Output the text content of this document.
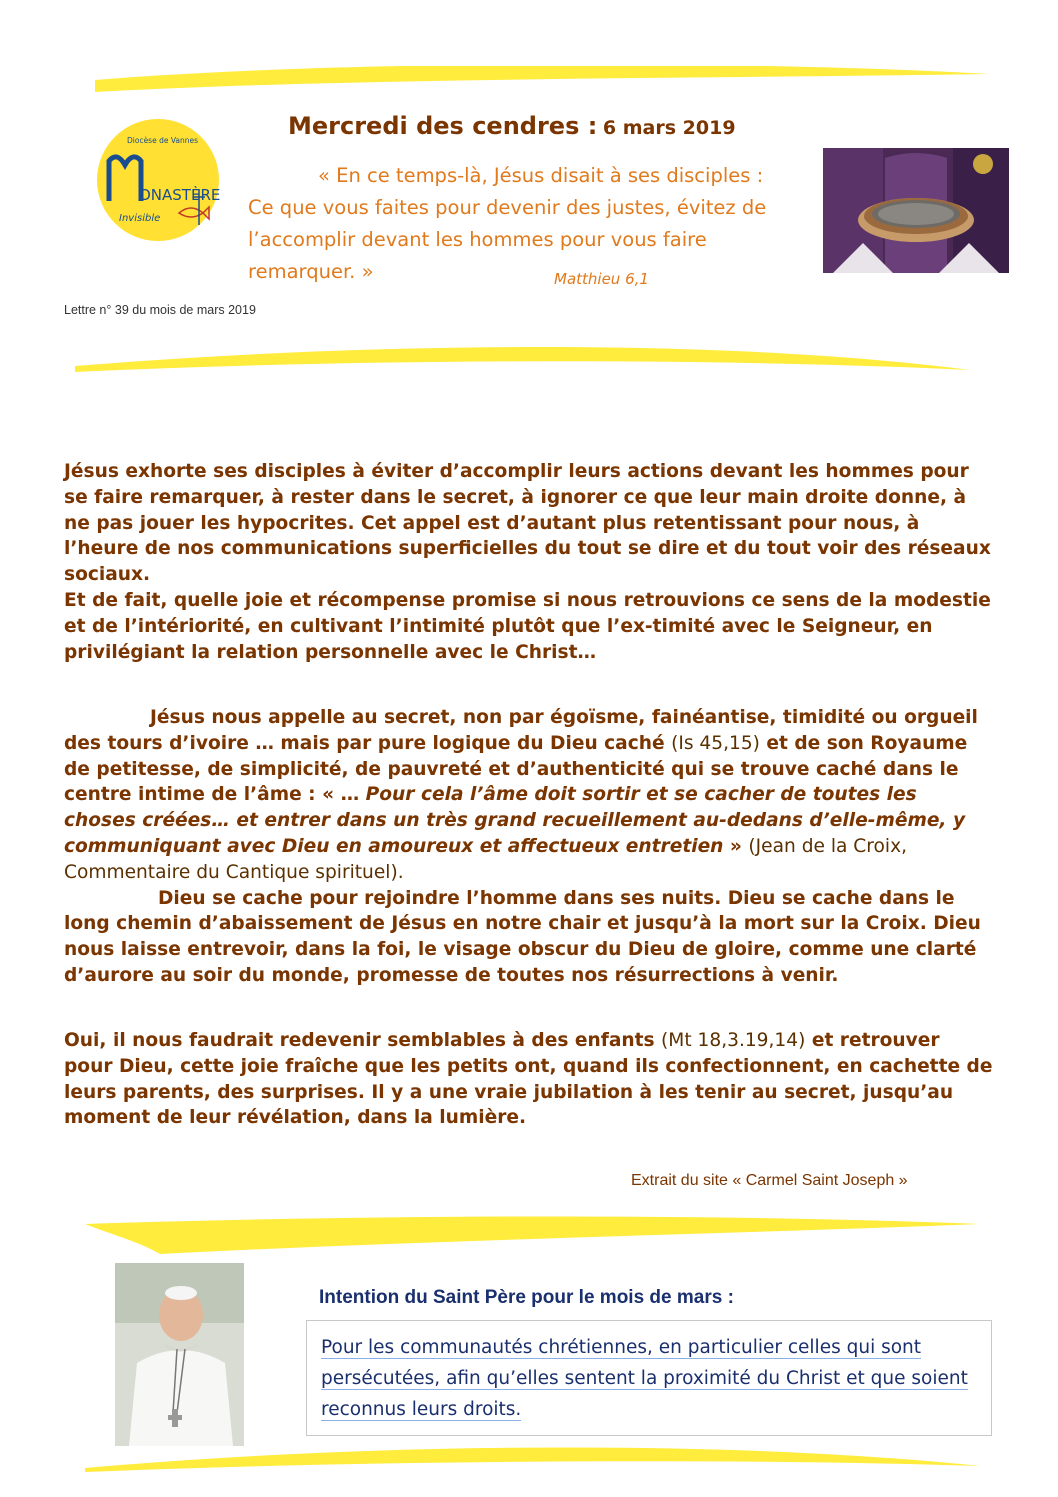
Diocèse de Vannes
ONASTÈRE
Invisible
Mercredi des cendres : 6 mars 2019
« En ce temps-là, Jésus disait à ses disciples :
Ce que vous faites pour devenir des justes, évitez de
l’accomplir devant les hommes pour vous faire
remarquer. »	Matthieu 6,1
Lettre n° 39 du mois de mars 2019

Jésus exhorte ses disciples à éviter d’accomplir leurs actions devant les hommes pour se faire remarquer, à rester dans le secret, à ignorer ce que leur main droite donne, à ne pas jouer les hypocrites. Cet appel est d’autant plus retentissant pour nous, à l’heure de nos communications superficielles du tout se dire et du tout voir des réseaux sociaux.

Et de fait, quelle joie et récompense promise si nous retrouvions ce sens de la modestie et de l’intériorité, en cultivant l’intimité plutôt que l’ex-timité avec le Seigneur, en privilégiant la relation personnelle avec le Christ…

Jésus nous appelle au secret, non par égoïsme, fainéantise, timidité ou orgueil des tours d’ivoire … mais par pure logique du Dieu caché (Is 45,15) et de son Royaume de petitesse, de simplicité, de pauvreté et d’authenticité qui se trouve caché dans le centre intime de l’âme : « … Pour cela l’âme doit sortir et se cacher de toutes les choses créées… et entrer dans un très grand recueillement au-dedans d’elle-même, y communiquant avec Dieu en amoureux et affectueux entretien » (Jean de la Croix, Commentaire du Cantique spirituel).

Dieu se cache pour rejoindre l’homme dans ses nuits. Dieu se cache dans le long chemin d’abaissement de Jésus en notre chair et jusqu’à la mort sur la Croix. Dieu nous laisse entrevoir, dans la foi, le visage obscur du Dieu de gloire, comme une clarté d’aurore au soir du monde, promesse de toutes nos résurrections à venir.

Oui, il nous faudrait redevenir semblables à des enfants (Mt 18,3.19,14) et retrouver pour Dieu, cette joie fraîche que les petits ont, quand ils confectionnent, en cachette de leurs parents, des surprises. Il y a une vraie jubilation à les tenir au secret, jusqu’au moment de leur révélation, dans la lumière.

Extrait du site « Carmel Saint Joseph »
Intention du Saint Père pour le mois de mars :
Pour les communautés chrétiennes, en particulier celles qui sont
persécutées, afin qu’elles sentent la proximité du Christ et que soient
reconnus leurs droits.
